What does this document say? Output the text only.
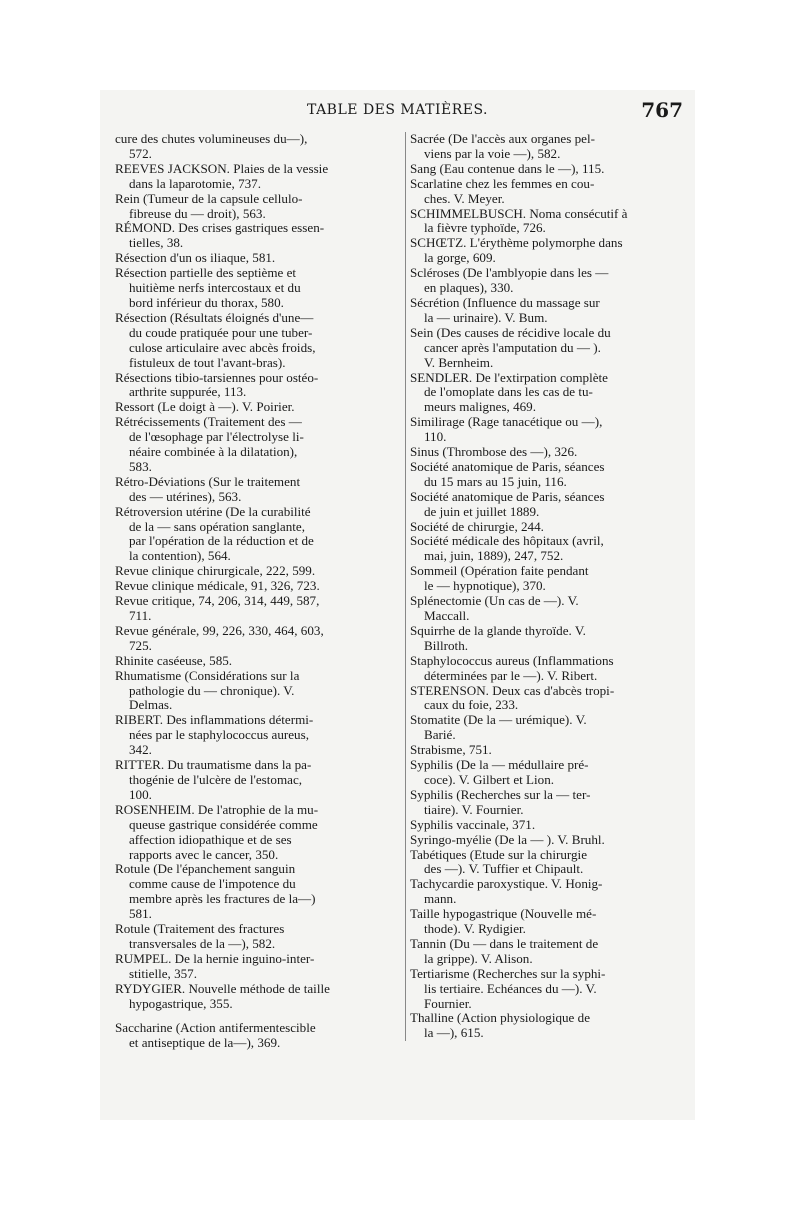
TABLE DES MATIÈRES.	767

cure des chutes volumineuses du—),
572.

REEVES JACKSON. Plaies de la vessie
dans la laparotomie, 737.

Rein (Tumeur de la capsule cellulo-
fibreuse du — droit), 563.

RÉMOND. Des crises gastriques essen-
tielles, 38.

Résection d'un os iliaque, 581.

Résection partielle des septième et
huitième nerfs intercostaux et du
bord inférieur du thorax, 580.

Résection (Résultats éloignés d'une—
du coude pratiquée pour une tuber-
culose articulaire avec abcès froids,
fistuleux de tout l'avant-bras).

Résections tibio-tarsiennes pour ostéo-
arthrite suppurée, 113.

Ressort (Le doigt à —). V. Poirier.

Rétrécissements (Traitement des —
de l'œsophage par l'électrolyse li-
néaire combinée à la dilatation),
583.

Rétro-Déviations (Sur le traitement
des — utérines), 563.

Rétroversion utérine (De la curabilité
de la — sans opération sanglante,
par l'opération de la réduction et de
la contention), 564.

Revue clinique chirurgicale, 222, 599.

Revue clinique médicale, 91, 326, 723.

Revue critique, 74, 206, 314, 449, 587,
711.

Revue générale, 99, 226, 330, 464, 603,
725.

Rhinite caséeuse, 585.

Rhumatisme (Considérations sur la
pathologie du — chronique). V.
Delmas.

RIBERT. Des inflammations détermi-
nées par le staphylococcus aureus,
342.

RITTER. Du traumatisme dans la pa-
thogénie de l'ulcère de l'estomac,
100.

ROSENHEIM. De l'atrophie de la mu-
queuse gastrique considérée comme
affection idiopathique et de ses
rapports avec le cancer, 350.

Rotule (De l'épanchement sanguin
comme cause de l'impotence du
membre après les fractures de la—)
581.

Rotule (Traitement des fractures
transversales de la —), 582.

RUMPEL. De la hernie inguino-inter-
stitielle, 357.

RYDYGIER. Nouvelle méthode de taille
hypogastrique, 355.

Saccharine (Action antifermentescible
et antiseptique de la—), 369.

Sacrée (De l'accès aux organes pel-
viens par la voie —), 582.

Sang (Eau contenue dans le —), 115.

Scarlatine chez les femmes en cou-
ches. V. Meyer.

SCHIMMELBUSCH. Noma consécutif à
la fièvre typhoïde, 726.

SCHŒTZ. L'érythème polymorphe dans
la gorge, 609.

Scléroses (De l'amblyopie dans les —
en plaques), 330.

Sécrétion (Influence du massage sur
la — urinaire). V. Bum.

Sein (Des causes de récidive locale du
cancer après l'amputation du — ).
V. Bernheim.

SENDLER. De l'extirpation complète
de l'omoplate dans les cas de tu-
meurs malignes, 469.

Similirage (Rage tanacétique ou —),
110.

Sinus (Thrombose des —), 326.

Société anatomique de Paris, séances
du 15 mars au 15 juin, 116.

Société anatomique de Paris, séances
de juin et juillet 1889.

Société de chirurgie, 244.

Société médicale des hôpitaux (avril,
mai, juin, 1889), 247, 752.

Sommeil (Opération faite pendant
le — hypnotique), 370.

Splénectomie (Un cas de —). V.
Maccall.

Squirrhe de la glande thyroïde. V.
Billroth.

Staphylococcus aureus (Inflammations
déterminées par le —). V. Ribert.

STERENSON. Deux cas d'abcès tropi-
caux du foie, 233.

Stomatite (De la — urémique). V.
Barié.

Strabisme, 751.

Syphilis (De la — médullaire pré-
coce). V. Gilbert et Lion.

Syphilis (Recherches sur la — ter-
tiaire). V. Fournier.

Syphilis vaccinale, 371.

Syringo-myélie (De la — ). V. Bruhl.

Tabétiques (Etude sur la chirurgie
des —). V. Tuffier et Chipault.

Tachycardie paroxystique. V. Honig-
mann.

Taille hypogastrique (Nouvelle mé-
thode). V. Rydigier.

Tannin (Du — dans le traitement de
la grippe). V. Alison.

Tertiarisme (Recherches sur la syphi-
lis tertiaire. Echéances du —). V.
Fournier.

Thalline (Action physiologique de
la —), 615.
